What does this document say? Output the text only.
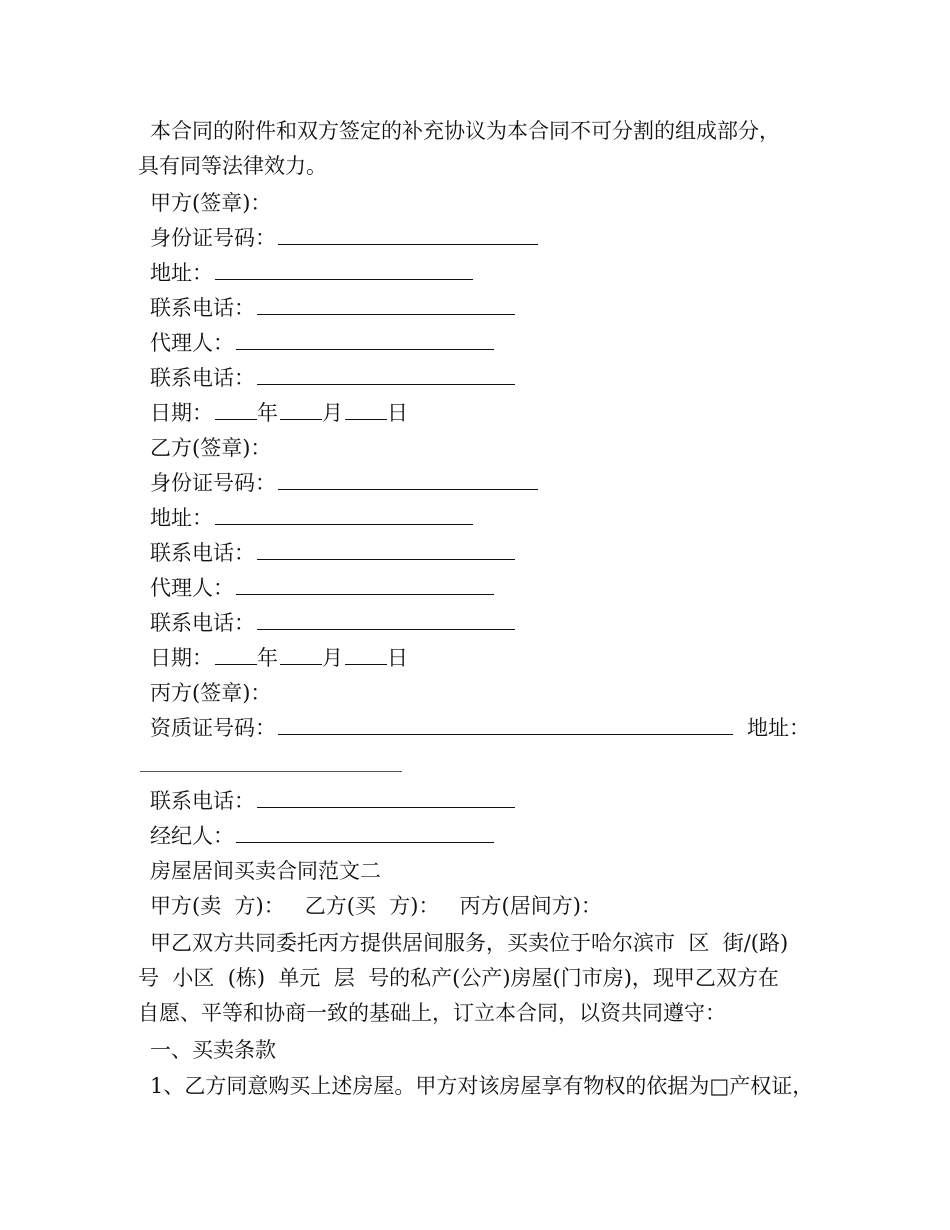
本合同的附件和双方签定的补充协议为本合同不可分割的组成部分，
具有同等法律效力。
甲方(签章)：
身份证号码：
地址：
联系电话：
代理人：
联系电话：
日期： 年 月 日
乙方(签章)：
身份证号码：
地址：
联系电话：
代理人：
联系电话：
日期： 年 月 日
丙方(签章)：
资质证号码：	地址：
联系电话：
经纪人：
房屋居间买卖合同范文二
甲方(卖  方)：   乙方(买  方)：   丙方(居间方)：
甲乙双方共同委托丙方提供居间服务，买卖位于哈尔滨市  区  街/(路)
号  小区  (栋)  单元  层  号的私产(公产)房屋(门市房)，现甲乙双方在
自愿、平等和协商一致的基础上，订立本合同，以资共同遵守：
一、买卖条款
1、乙方同意购买上述房屋。甲方对该房屋享有物权的依据为□产权证，
